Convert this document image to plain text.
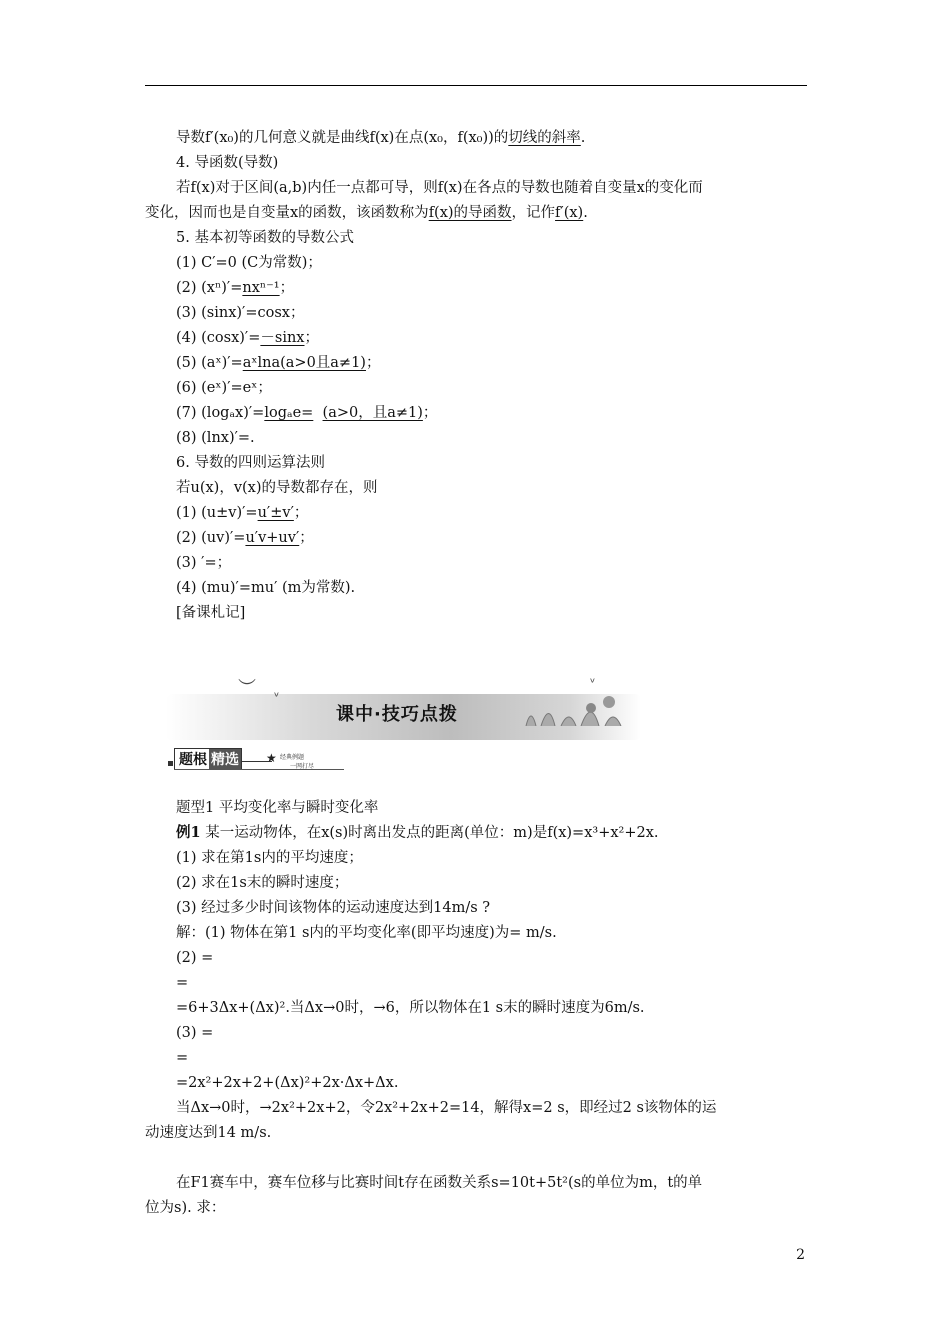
导数f′(x₀)的几何意义就是曲线f(x)在点(x₀，f(x₀))的切线的斜率.
4. 导函数(导数)
若f(x)对于区间(a,b)内任一点都可导，则f(x)在各点的导数也随着自变量x的变化而
变化，因而也是自变量x的函数，该函数称为f(x)的导函数，记作f′(x).
5. 基本初等函数的导数公式
(1) C′=0 (C为常数)；
(2) (xⁿ)′=nxⁿ⁻¹；
(3) (sinx)′=cosx；
(4) (cosx)′=－sinx；
(5) (aˣ)′=aˣlna(a>0且a≠1)；
(6) (eˣ)′=eˣ；
(7) (logₐx)′=logₐe= (a>0，且a≠1)；
(8) (lnx)′=.
6. 导数的四则运算法则
若u(x)，v(x)的导数都存在，则
(1) (u±v)′=u′±v′；
(2) (uv)′=u′v+uv′；
(3) ′=；
(4) (mu)′=mu′ (m为常数).
[备课札记]
︶ ᵛ
ᵛ
课中·技巧点拨
题根 精选 ★ 经典例题
一网打尽
题型1 平均变化率与瞬时变化率
例1 某一运动物体，在x(s)时离出发点的距离(单位：m)是f(x)=x³+x²+2x.
(1) 求在第1s内的平均速度；
(2) 求在1s末的瞬时速度；
(3) 经过多少时间该物体的运动速度达到14m/s ?
解：(1) 物体在第1 s内的平均变化率(即平均速度)为= m/s.
(2) =
=
=6+3Δx+(Δx)².当Δx→0时，→6，所以物体在1 s末的瞬时速度为6m/s.
(3) =
=
=2x²+2x+2+(Δx)²+2x·Δx+Δx.
当Δx→0时，→2x²+2x+2，令2x²+2x+2=14，解得x=2 s，即经过2 s该物体的运
动速度达到14 m/s.
在F1赛车中，赛车位移与比赛时间t存在函数关系s=10t+5t²(s的单位为m，t的单
位为s). 求：
2
